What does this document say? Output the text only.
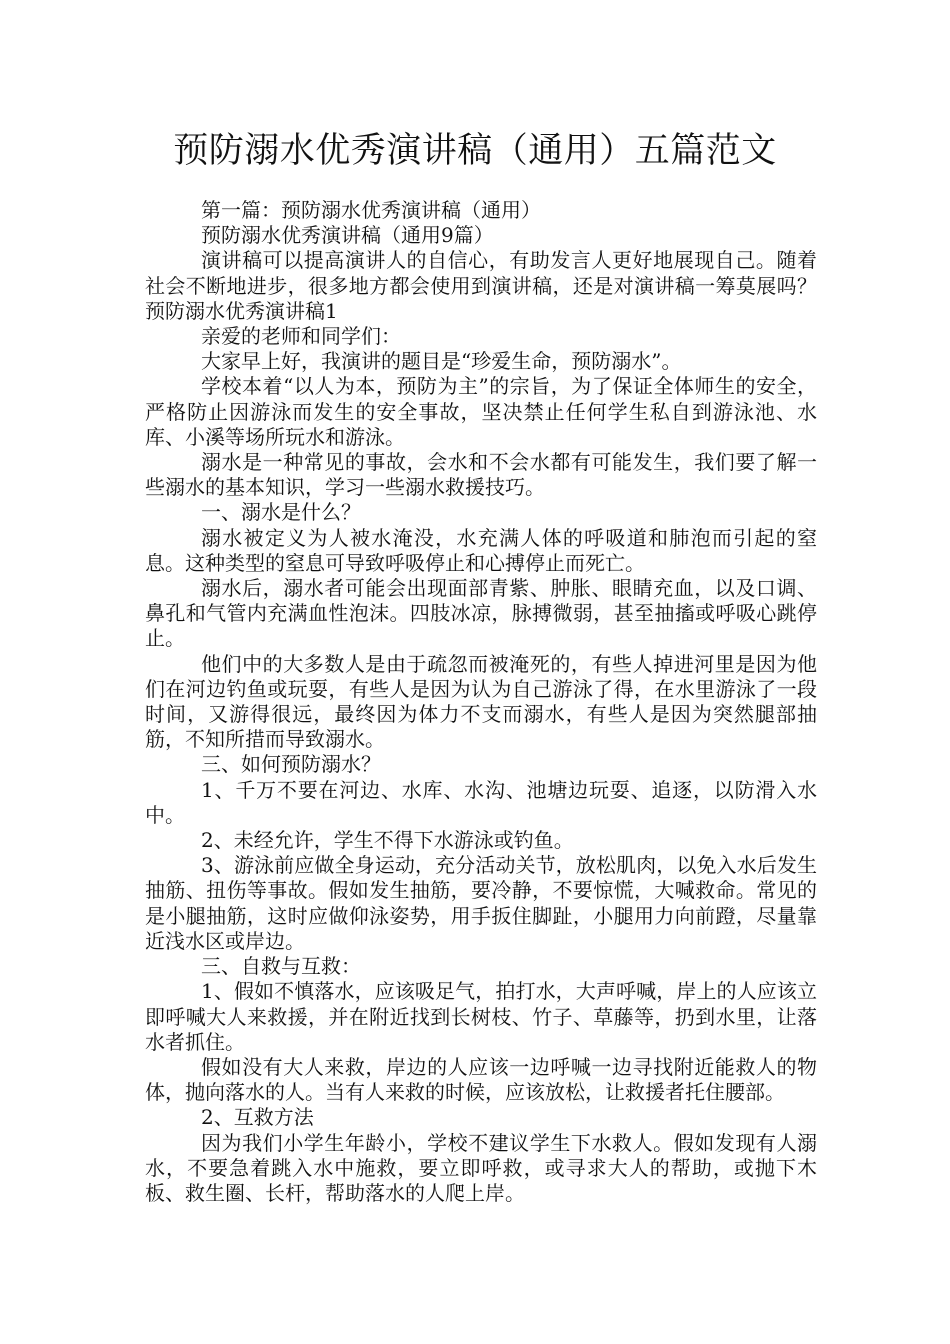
预防溺水优秀演讲稿（通用）五篇范文

第一篇：预防溺水优秀演讲稿（通用）

预防溺水优秀演讲稿（通用9篇）

演讲稿可以提高演讲人的自信心，有助发言人更好地展现自己。随着社会不断地进步，很多地方都会使用到演讲稿，还是对演讲稿一筹莫展吗？预防溺水优秀演讲稿1

亲爱的老师和同学们：

大家早上好，我演讲的题目是“珍爱生命，预防溺水”。

学校本着“以人为本，预防为主”的宗旨，为了保证全体师生的安全，严格防止因游泳而发生的安全事故，坚决禁止任何学生私自到游泳池、水库、小溪等场所玩水和游泳。

溺水是一种常见的事故，会水和不会水都有可能发生，我们要了解一些溺水的基本知识，学习一些溺水救援技巧。

一、溺水是什么？

溺水被定义为人被水淹没，水充满人体的呼吸道和肺泡而引起的窒息。这种类型的窒息可导致呼吸停止和心搏停止而死亡。

溺水后，溺水者可能会出现面部青紫、肿胀、眼睛充血，以及口调、鼻孔和气管内充满血性泡沫。四肢冰凉，脉搏微弱，甚至抽搐或呼吸心跳停止。

他们中的大多数人是由于疏忽而被淹死的，有些人掉进河里是因为他们在河边钓鱼或玩耍，有些人是因为认为自己游泳了得，在水里游泳了一段时间，又游得很远，最终因为体力不支而溺水，有些人是因为突然腿部抽筋，不知所措而导致溺水。

三、如何预防溺水？

1、千万不要在河边、水库、水沟、池塘边玩耍、追逐，以防滑入水中。

2、未经允许，学生不得下水游泳或钓鱼。

3、游泳前应做全身运动，充分活动关节，放松肌肉，以免入水后发生抽筋、扭伤等事故。假如发生抽筋，要冷静，不要惊慌，大喊救命。常见的是小腿抽筋，这时应做仰泳姿势，用手扳住脚趾，小腿用力向前蹬，尽量靠近浅水区或岸边。

三、自救与互救：

1、假如不慎落水，应该吸足气，拍打水，大声呼喊，岸上的人应该立即呼喊大人来救援，并在附近找到长树枝、竹子、草藤等，扔到水里，让落水者抓住。

假如没有大人来救，岸边的人应该一边呼喊一边寻找附近能救人的物体，抛向落水的人。当有人来救的时候，应该放松，让救援者托住腰部。

2、互救方法

因为我们小学生年龄小，学校不建议学生下水救人。假如发现有人溺水，不要急着跳入水中施救，要立即呼救，或寻求大人的帮助，或抛下木板、救生圈、长杆，帮助落水的人爬上岸。
